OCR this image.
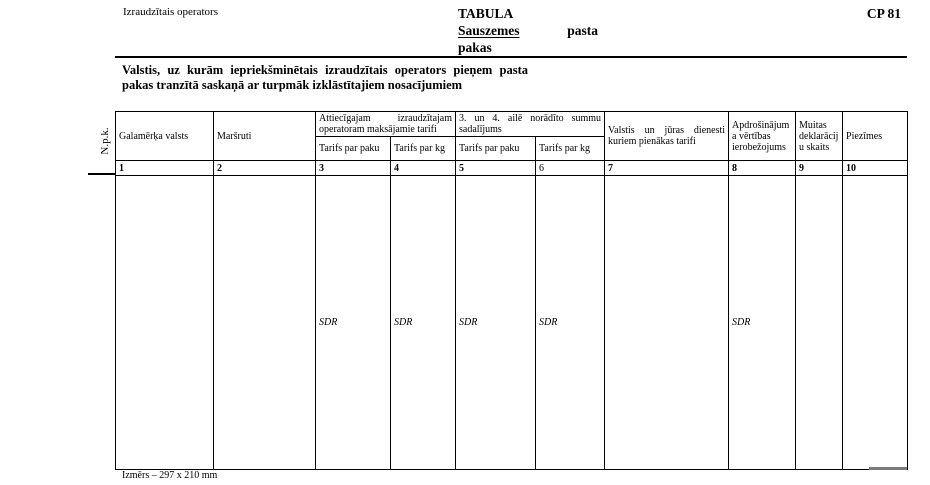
Izraudzītais operators	TABULA
Sauszemes	pasta
pakas
CP 81
Valstis, uz kurām iepriekšminētais izraudzītais operators pieņem pasta pakas tranzītā saskaņā ar turpmāk izklāstītajiem nosacījumiem
N.p.k. Galamērķa valsts	Maršruti	Attiecīgajam izraudzītajam operatoram maksājamie tarifi		3. un 4. ailē norādīto summu sadalījums		Valstis un jūras dienesti kuriem pienākas tarifi	Apdrošinājuma vērtības ierobežojums	Muitas deklarāciju skaits	Piezīmes
		Tarifs par paku	Tarifs par kg	Tarifs par paku	Tarifs par kg				
1	2	3	4	5	6	7	8	9	10
		SDR	SDR	SDR	SDR		SDR		
Izmērs – 297 x 210 mm
